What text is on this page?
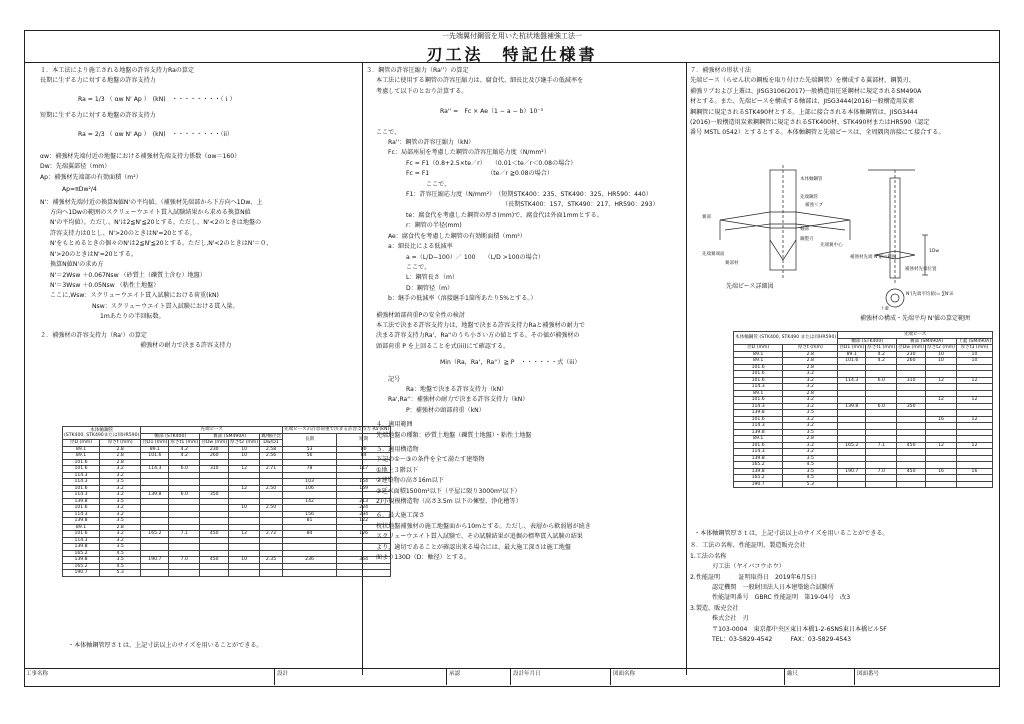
一先端翼付鋼管を用いた杭状地盤補強工法一
刃工法　特記仕様書

１．本工法により施工される地盤の許容支持力Raの算定

長期に生ずる力に対する地盤の許容支持力

Ra = 1/3 （ αw N' Ap ）　(kN)　・・・・・・・・（ｉ）

短期に生ずる力に対する地盤の許容支持力

Ra = 2/3 （ αw N' Ap ）　(kN)　・・・・・・・・（ii）

αw：補強材先端付近の地盤における補強材先端支持力係数（αw＝160）

Dw：先端翼部径（mm）

Ap：補強材先端部の有効面積（m²）

Ap=πDw²/4

N'：補強材先端付近の換算N値N'の平均値。（補強材先端部から下方向へ1Dw、上

方向へ1Dwの範囲のスクリューウエイト貫入試験結果から求める換算N値

N'の平均値）。ただし、N'は2≦N'≦20とする。ただし、N'<2のときは地盤の

許容支持力は0とし、N'>20のときはN'=20とする。

N'をもとめるときの個々のN'は2≦N'≦20とする。ただし,N'<2のときはN'＝０、

N'>20のときはN'=20とする。

換算N値N'の求め方

N'＝2Wsw ＋0.067Nsw （砂質土（礫質土含む）地盤）

N'＝3Wsw ＋0.05Nsw （粘性土地盤）

ここに,Wsw：スクリューウエイト貫入試験における荷重(kN)

Nsw：スクリューウエイト貫入試験における貫入量。

1mあたりの半回転数。

２．補強材の許容支持力（Ra'）の算定

補強材の耐力で決まる許容支持力

本体軸鋼管
(STK400, STK490または同HR590)		先端ピース					先端ピースの許容荷重で決まる許容支持力 Ra'(kN)	
		軸部 (STK400)		翼部 (SM490A)		翼/軸径比	長期	短期
径D (mm)	厚さt (mm)	径D1 (mm)	厚さt1 (mm)	径Dw (mm)	厚さt2 (mm)	Dw/D1		
89.1	2.8	89.1	4.2	230	10	2.58	53	80
89.1	2.8	101.6	4.2	260	10	2.56	56	84
101.6	2.8							
101.6	3.2	114.3	6.0	310	12	2.71	78	117
114.3	3.2							
114.3	3.5						103	154
101.6	3.2				12	2.50	106	159
114.3	3.2	139.8	6.0	350				
139.8	3.5						142	213
101.6	3.2				10	2.50		224
114.3	3.2						156	234
139.8	3.5						81	122
89.1	2.8							
101.6	3.2	165.2	7.1	450	12	2.72	84	126
114.3	3.2							
139.8	3.5							
165.2	4.5							
139.8	3.5	190.7	7.0	450	10	2.35	236	354
165.2	4.5							
190.7	5.3							
・本体軸鋼管厚さｔは、上記寸法以上のサイズを用いることができる。

３．鋼管の許容圧縮力（Ra''）の算定

本工法に使用する鋼管の許容圧縮力は、腐食代、細長比及び継手の低減率を

考慮して以下のとおり計算する。

Ra'' =　Fc × Ae（1 − a − b）10⁻³

ここで、

Ra''：鋼管の許容圧縮力（kN）

Fc：局部座屈を考慮した鋼管の許容圧縮応力度（N/mm²）

Fc = F1（0.8+2.5×te／r）　　（0.01＜te／r＜0.08の場合）

Fc = F1　　　　　　　　　　（te／r ≧0.08の場合）

ここで、

F1：許容圧縮応力度（N/mm²）　（短期STK400：235、STK490：325、HR590：440）

（長期STK400：157、STK490：217、HR590：293）

te：腐食代を考慮した鋼管の厚さ(mm)で、腐食代は外面1mmとする。

r：鋼管の半径(mm)

Ae：腐食代を考慮した鋼管の有効断面積（mm²）

a：細長比による低減率

a =（L/D−100）／ 100　　（L/D >100の場合）

ここで、

L：鋼管長さ（m）

D：鋼管径（m）

b：継手の低減率（溶接継手1箇所あたり5%とする。）

補強材頭部荷重Pの安全性の検討

本工法で決まる許容支持力は、地盤で決まる許容支持力Raと補強材の耐力で

決まる許容支持力Ra'、Ra''のうち小さい方の値とする。その値が補強材の

頭部荷重 P を上回ることを式(iii)にて確認する。

Min（Ra，Ra'，Ra''）≧ P　・・・・・・式（iii）

記号

Ra：地盤で決まる許容支持力（kN）

Ra',Ra''：補強材の耐力で決まる許容支持力（kN）

P：補強材の頭部荷重（kN）

４．適用範囲

先端地盤の種類：砂質土地盤（礫質土地盤）・粘性土地盤

５．適用構造物

下記の①〜③の条件を全て満たす建築物

①地上３階以下

②建築物の高さ16m以下

③延べ面積1500m²以下（平屋に限り3000m²以下）

2)小規模構造物（高さ3.5m 以下の擁壁、浄化槽等）

６．最大施工深さ

杭状地盤補強材の施工地盤面から10mとする。ただし、表層から軟弱層が続き

スクリューウエイト貫入試験で、その試験結果が追掘の標準貫入試験の結果

より、適切であることが確認出来る場合には、最大施工深さは施工地盤

面より130D（D：軸径）とする。

７．補強材の形状寸法

先端ピース（らせん状の鋼板を取り付けた先端鋼管）を構成する翼部材、鋼製刃、

補強リブおよび上蓋は、JISG3106(2017)一般構造用圧延鋼材に規定されるSM490A

材とする。また、先端ピースを構成する軸部は、JISG3444(2016)一般構造用炭素

鋼鋼管に規定されるSTK490材とする。上部に接合される本体軸鋼管は、JISG3444

(2016)一般構造用炭素鋼鋼管に規定されるSTK400材、STK490材またはHR590（認定

番号 MSTL 0542）とするとする。本体軸鋼管と先端ピースは、全周隅肉溶接にて接合する。

本体軸鋼管
先端鋼管
補強リブ
翼部
鋼製刃
先端翼端面
翼部材
軸部
先端翼中心
補強材先端位置
1Dw
補強材先端 N'値の範囲
N'(先端平均値)= ∑N'i/i
上蓋
先端ピース詳細図
補強材の構成・先端平均 N'値の算定範囲
本体軸鋼管 (STK400, STK490 または同HR590)		先端ピース				
		軸部 (STK400)		翼部 (SM490A)		上蓋 (SM490A)
径D (mm)	厚さt (mm)	径D1 (mm)	厚さt1 (mm)	径Dw (mm)	厚さt2 (mm)	厚さt3 (mm)
89.1	2.8	89.1	4.2	230	10	10
89.1	2.8	101.6	4.2	260	10	10
101.6	2.8					
101.6	3.2					
101.6	3.2	114.3	6.0	310	12	12
114.3	3.2					
89.1	2.8					
101.6	3.2				12	12
114.3	3.2	139.8	6.0	350		
139.8	3.5					
101.6	3.2				16	12
114.3	3.2					
139.8	3.5					
89.1	2.8					
101.6	3.2	165.2	7.1	450	12	12
114.3	3.2					
139.8	3.5					
165.2	4.5					
139.8	3.5	190.7	7.0	450	16	16
165.2	4.5					
190.7	5.3					

・本体軸鋼管厚さｔは、上記寸法以上のサイズを用いることができる。

８．工法の名称、性能証明、製造販売会社

1.工法の名称

刃工法（ヤイバコウホウ）

2.性能証明　　　証明取得日　2019年6月5日

認定機関　一般財団法人日本建築総合試験所

性能証明番号　GBRC 性能証明　第19-04号　改3

3.製造、販売会社

株式会社　刃

〒103-0004　東京都中央区東日本橋1-2-6SNS東日本橋ビル5F

TEL：03-5829-4542　　　FAX：03-5829-4543

工事名称	設計	承認	設計年月日	図面名称	縮尺	図面番号
